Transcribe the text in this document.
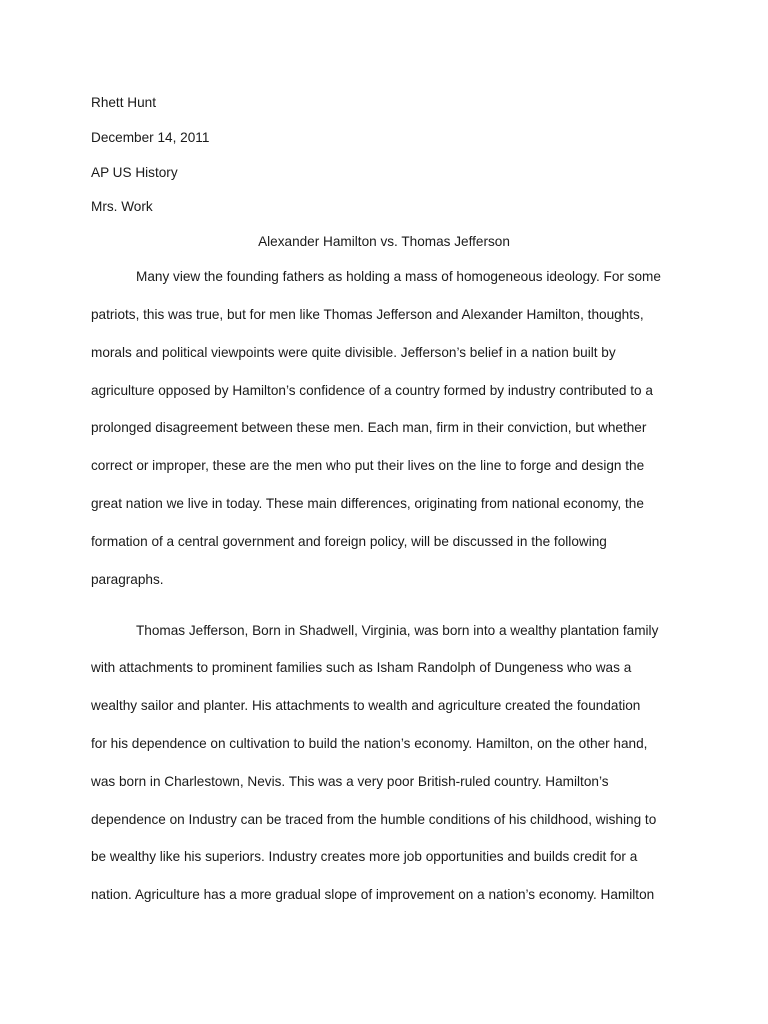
Rhett Hunt
December 14, 2011
AP US History
Mrs. Work
Alexander Hamilton vs. Thomas Jefferson
Many view the founding fathers as holding a mass of homogeneous ideology. For some
patriots, this was true, but for men like Thomas Jefferson and Alexander Hamilton, thoughts,
morals and political viewpoints were quite divisible. Jefferson’s belief in a nation built by
agriculture opposed by Hamilton’s confidence of a country formed by industry contributed to a
prolonged disagreement between these men. Each man, firm in their conviction, but whether
correct or improper, these are the men who put their lives on the line to forge and design the
great nation we live in today. These main differences, originating from national economy, the
formation of a central government and foreign policy, will be discussed in the following
paragraphs.
Thomas Jefferson, Born in Shadwell, Virginia, was born into a wealthy plantation family
with attachments to prominent families such as Isham Randolph of Dungeness who was a
wealthy sailor and planter. His attachments to wealth and agriculture created the foundation
for his dependence on cultivation to build the nation’s economy. Hamilton, on the other hand,
was born in Charlestown, Nevis. This was a very poor British-ruled country. Hamilton’s
dependence on Industry can be traced from the humble conditions of his childhood, wishing to
be wealthy like his superiors. Industry creates more job opportunities and builds credit for a
nation. Agriculture has a more gradual slope of improvement on a nation’s economy. Hamilton
